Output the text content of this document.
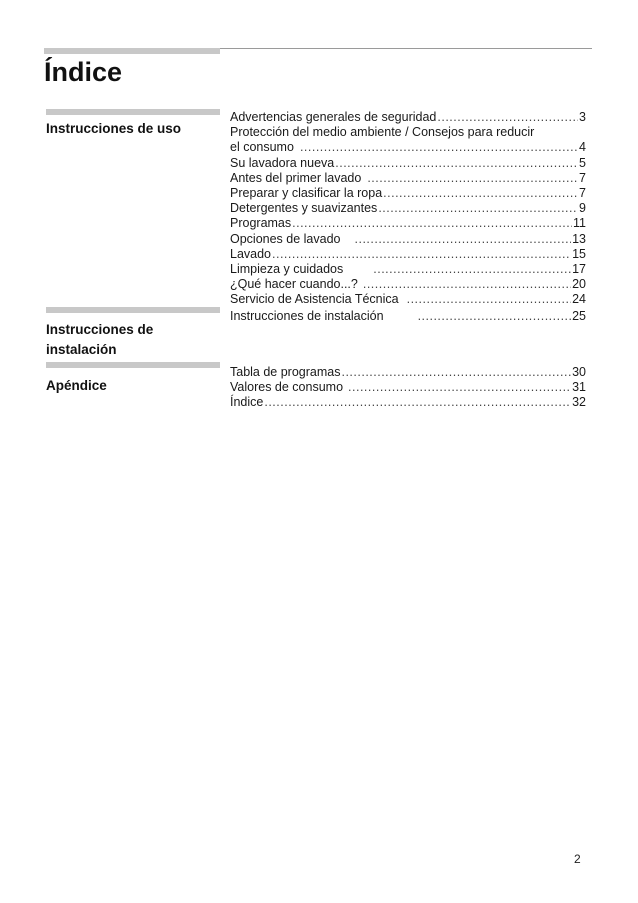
Índice
Instrucciones de uso
Advertencias generales de seguridad .....	3
Protección del medio ambiente / Consejos para reducir
el consumo .....	4
Su lavadora nueva .....	5
Antes del primer lavado .....	7
Preparar y clasificar la ropa .....	7
Detergentes y suavizantes .....	9
Programas .....	11
Opciones de lavado .....	13
Lavado .....	15
Limpieza y cuidados .....	17
¿Qué hacer cuando...? .....	20
Servicio de Asistencia Técnica .....	24
Instrucciones de instalación
Instrucciones de instalación .....	25
Apéndice
Tabla de programas .....	30
Valores de consumo .....	31
Índice .....	32
2
